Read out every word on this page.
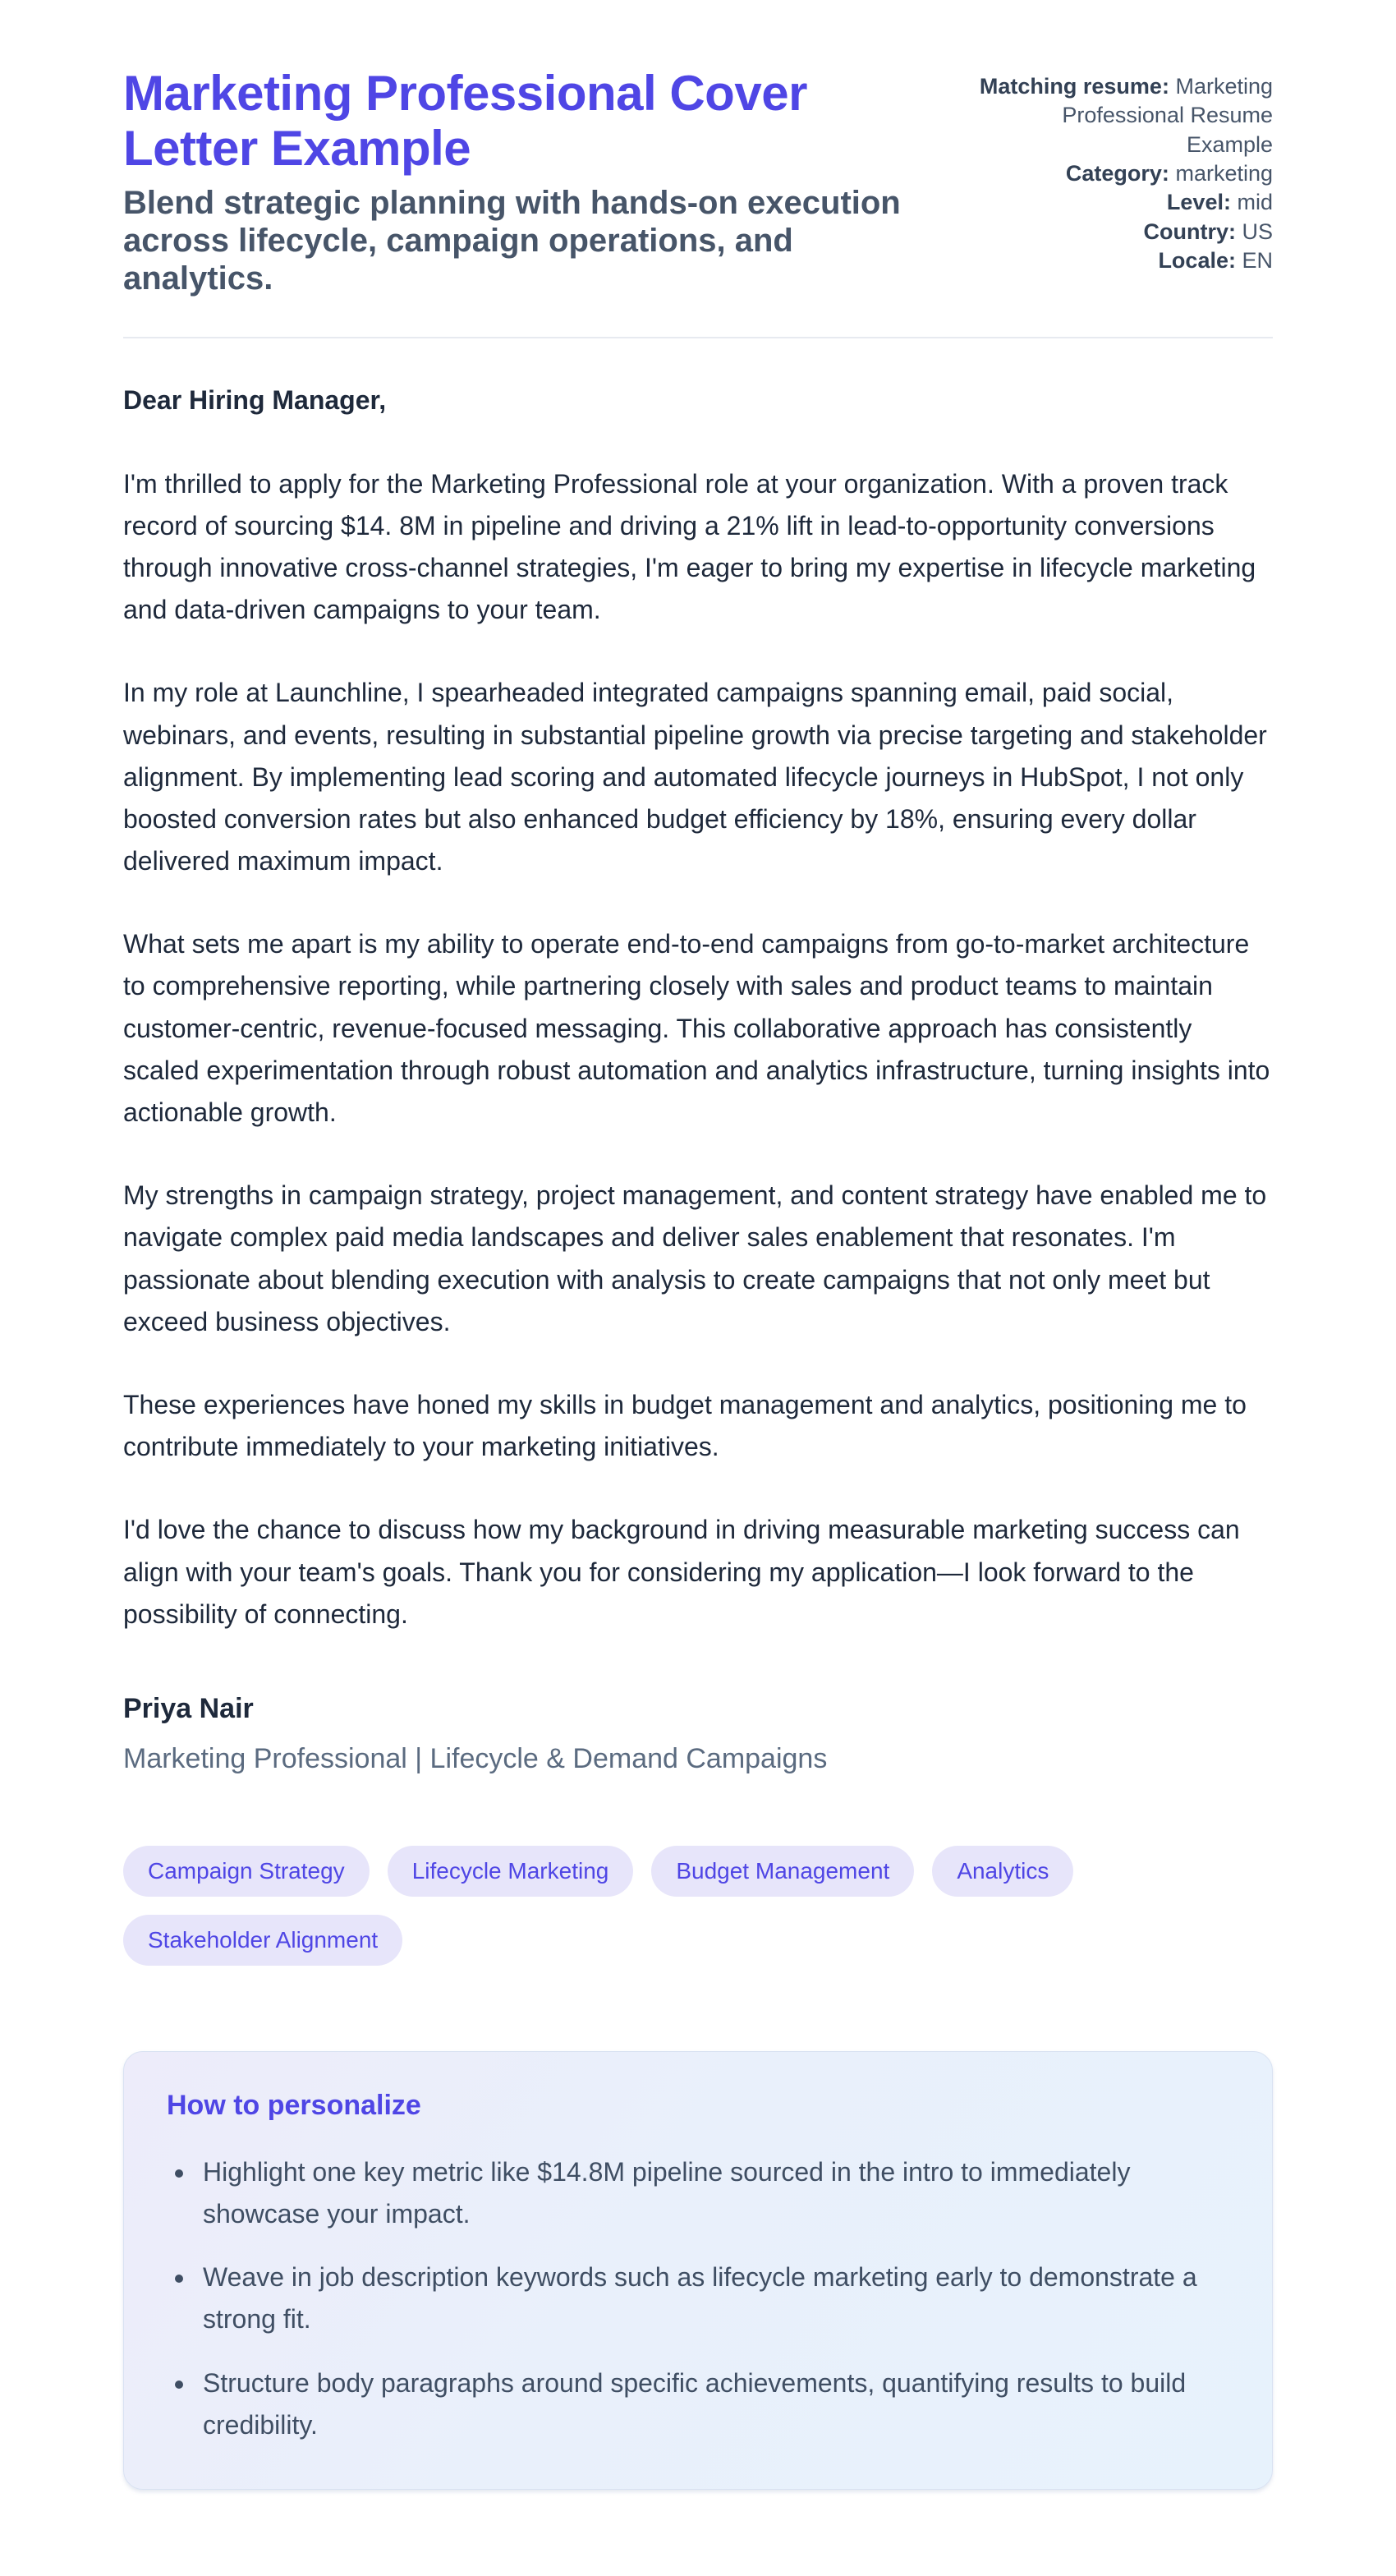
Marketing Professional Cover Letter Example

Blend strategic planning with hands-on execution across lifecycle, campaign operations, and analytics.

Matching resume: Marketing Professional Resume Example
Category: marketing
Level: mid
Country: US
Locale: EN

Dear Hiring Manager,

I'm thrilled to apply for the Marketing Professional role at your organization. With a proven track record of sourcing $14. 8M in pipeline and driving a 21% lift in lead-to-opportunity conversions through innovative cross-channel strategies, I'm eager to bring my expertise in lifecycle marketing and data-driven campaigns to your team.

In my role at Launchline, I spearheaded integrated campaigns spanning email, paid social, webinars, and events, resulting in substantial pipeline growth via precise targeting and stakeholder alignment. By implementing lead scoring and automated lifecycle journeys in HubSpot, I not only boosted conversion rates but also enhanced budget efficiency by 18%, ensuring every dollar delivered maximum impact.

What sets me apart is my ability to operate end-to-end campaigns from go-to-market architecture to comprehensive reporting, while partnering closely with sales and product teams to maintain customer-centric, revenue-focused messaging. This collaborative approach has consistently scaled experimentation through robust automation and analytics infrastructure, turning insights into actionable growth.

My strengths in campaign strategy, project management, and content strategy have enabled me to navigate complex paid media landscapes and deliver sales enablement that resonates. I'm passionate about blending execution with analysis to create campaigns that not only meet but exceed business objectives.

These experiences have honed my skills in budget management and analytics, positioning me to contribute immediately to your marketing initiatives.

I'd love the chance to discuss how my background in driving measurable marketing success can align with your team's goals. Thank you for considering my application—I look forward to the possibility of connecting.

Priya Nair
Marketing Professional | Lifecycle & Demand Campaigns
Campaign Strategy	Lifecycle Marketing	Budget Management	Analytics
Stakeholder Alignment
How to personalize
• Highlight one key metric like $14.8M pipeline sourced in the intro to immediately showcase your impact.
• Weave in job description keywords such as lifecycle marketing early to demonstrate a strong fit.
• Structure body paragraphs around specific achievements, quantifying results to build credibility.
